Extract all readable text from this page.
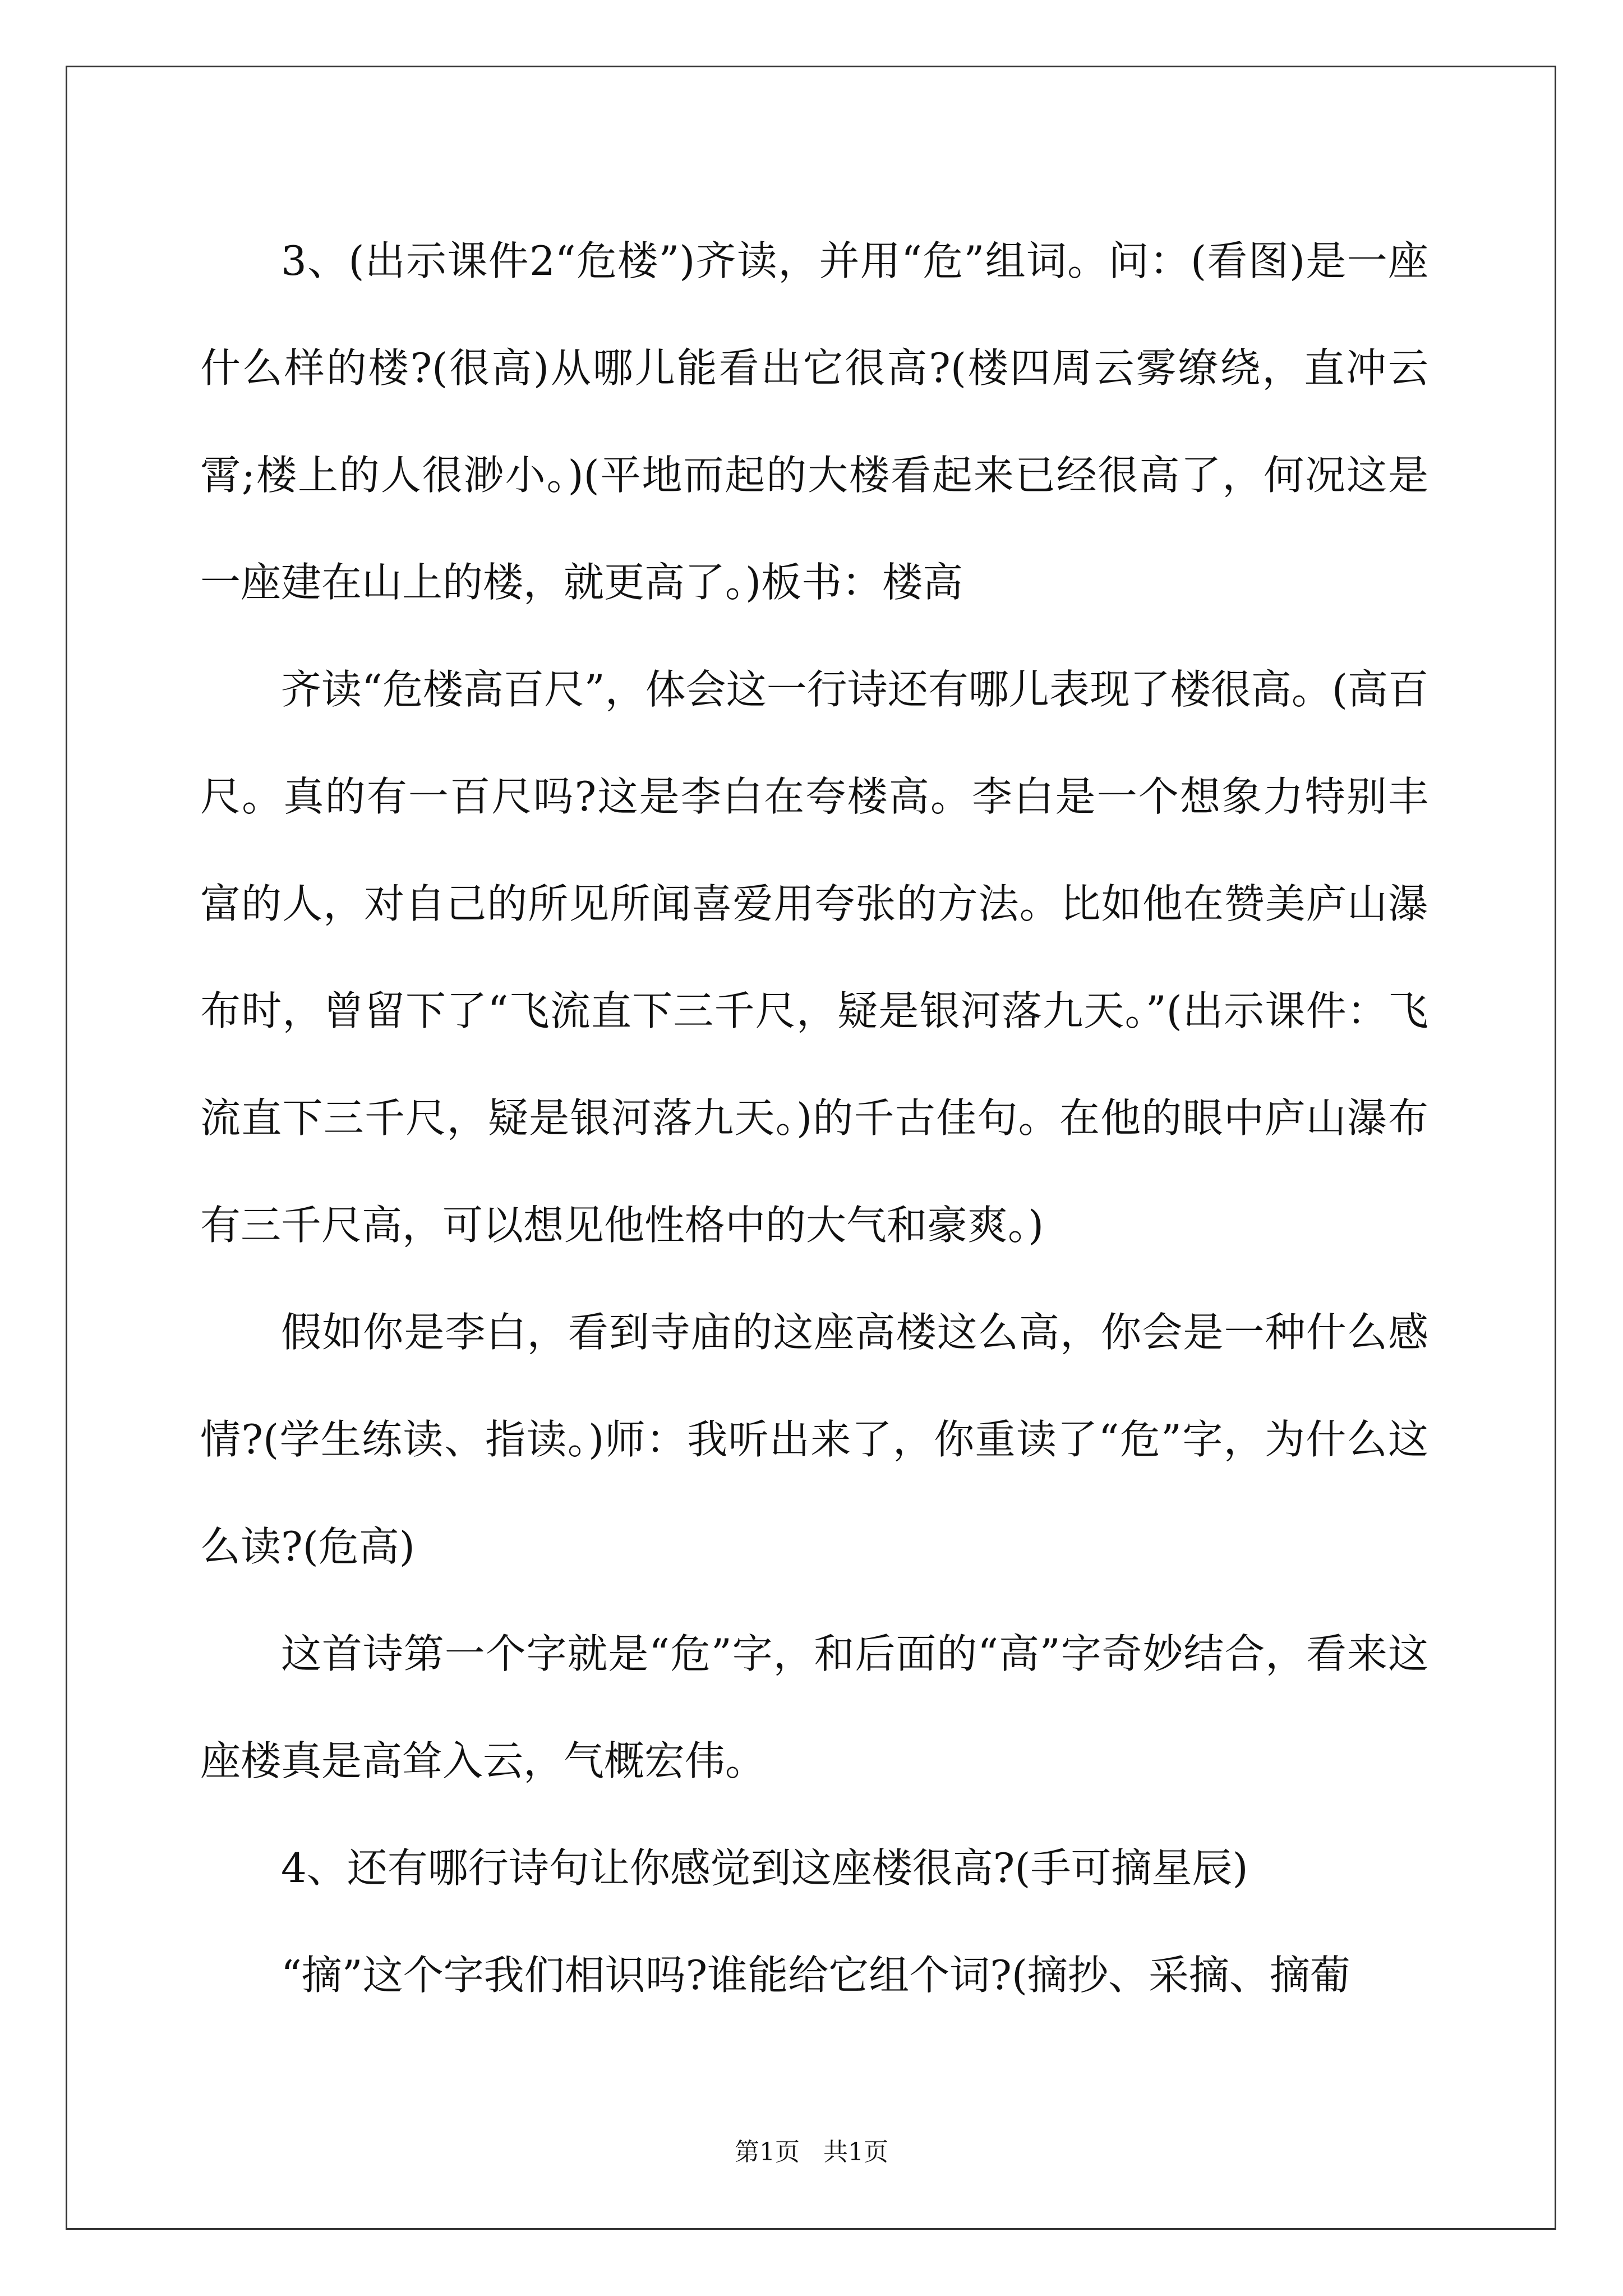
3、(出示课件2“危楼”)齐读，并用“危”组词。问：(看图)是一座什么样的楼?(很高)从哪儿能看出它很高?(楼四周云雾缭绕，直冲云霄;楼上的人很渺小。)(平地而起的大楼看起来已经很高了，何况这是一座建在山上的楼，就更高了。)板书：楼高

齐读“危楼高百尺”，体会这一行诗还有哪儿表现了楼很高。(高百尺。真的有一百尺吗?这是李白在夸楼高。李白是一个想象力特别丰富的人，对自己的所见所闻喜爱用夸张的方法。比如他在赞美庐山瀑布时，曾留下了“飞流直下三千尺，疑是银河落九天。”(出示课件：飞流直下三千尺，疑是银河落九天。)的千古佳句。在他的眼中庐山瀑布有三千尺高，可以想见他性格中的大气和豪爽。)

假如你是李白，看到寺庙的这座高楼这么高，你会是一种什么感情?(学生练读、指读。)师：我听出来了，你重读了“危”字，为什么这么读?(危高)

这首诗第一个字就是“危”字，和后面的“高”字奇妙结合，看来这座楼真是高耸入云，气概宏伟。

4、还有哪行诗句让你感觉到这座楼很高?(手可摘星辰)

“摘”这个字我们相识吗?谁能给它组个词?(摘抄、采摘、摘葡

第1页   共1页
